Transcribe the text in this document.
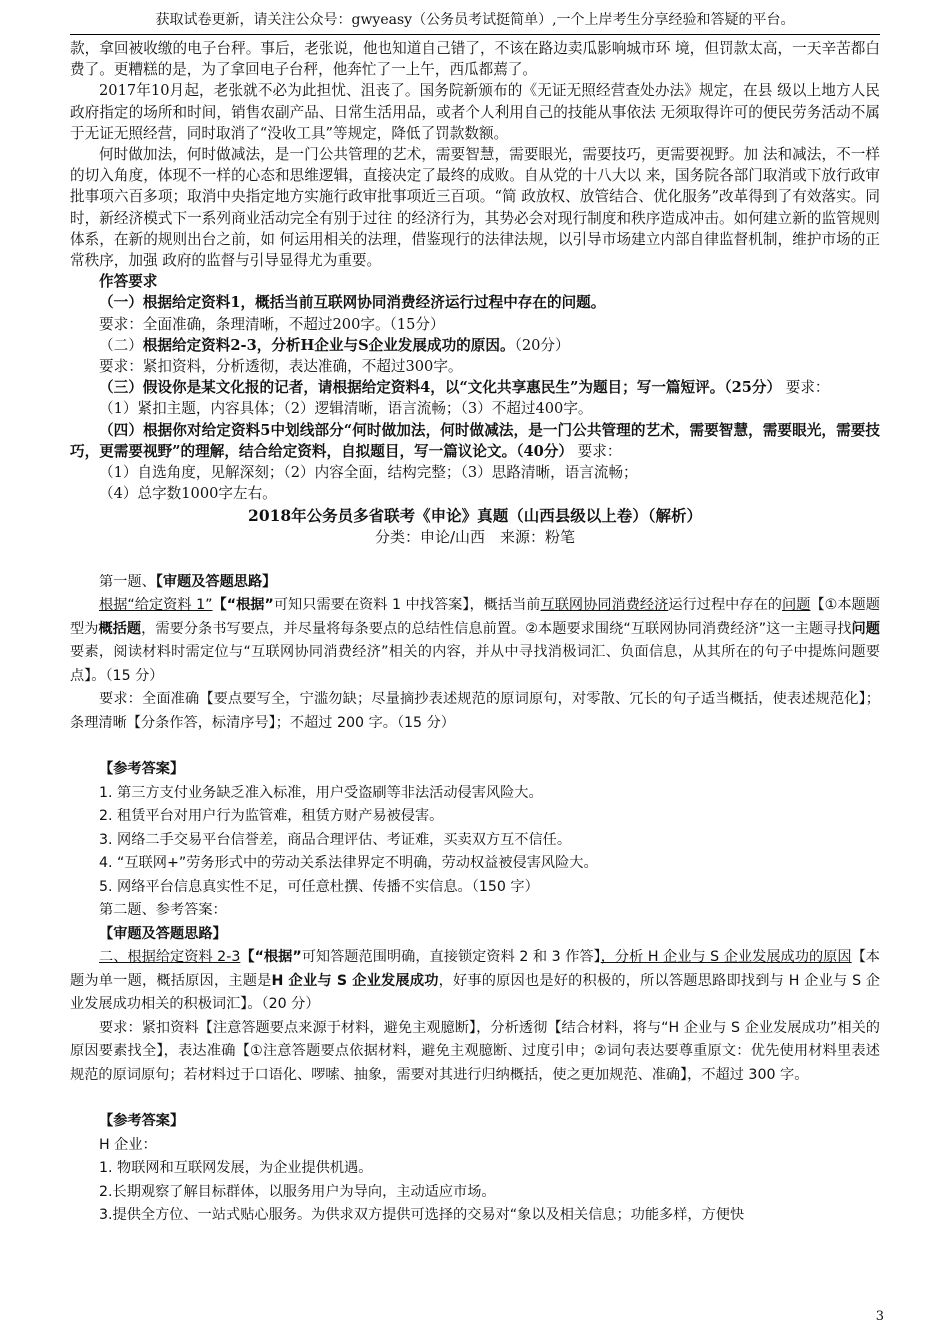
获取试卷更新，请关注公众号：gwyeasy（公务员考试挺简单）,一个上岸考生分享经验和答疑的平台。

款，拿回被收缴的电子台秤。事后，老张说，他也知道自己错了，不该在路边卖瓜影响城市环 境，但罚款太高，一天辛苦都白费了。更糟糕的是，为了拿回电子台秤，他奔忙了一上午，西瓜都蔫了。

2017年10月起，老张就不必为此担忧、沮丧了。国务院新颁布的《无证无照经营查处办法》规定，在县 级以上地方人民政府指定的场所和时间，销售农副产品、日常生活用品，或者个人利用自己的技能从事依法 无须取得许可的便民劳务活动不属于无证无照经营，同时取消了“没收工具”等规定，降低了罚款数额。

何时做加法，何时做减法，是一门公共管理的艺术，需要智慧，需要眼光，需要技巧，更需要视野。加 法和减法，不一样的切入角度，体现不一样的心态和思维逻辑，直接决定了最终的成败。自从党的十八大以 来，国务院各部门取消或下放行政审批事项六百多项；取消中央指定地方实施行政审批事项近三百项。“简 政放权、放管结合、优化服务”改革得到了有效落实。同时，新经济模式下一系列商业活动完全有别于过往 的经济行为，其势必会对现行制度和秩序造成冲击。如何建立新的监管规则体系，在新的规则出台之前，如 何运用相关的法理，借鉴现行的法律法规，以引导市场建立内部自律监督机制，维护市场的正常秩序，加强 政府的监督与引导显得尤为重要。

作答要求

（一）根据给定资料1，概括当前互联网协同消费经济运行过程中存在的问题。

要求：全面准确，条理清晰，不超过200字。（15分）

（二）根据给定资料2-3，分析H企业与S企业发展成功的原因。（20分）

要求：紧扣资料，分析透彻，表达准确，不超过300字。

（三）假设你是某文化报的记者，请根据给定资料4，以“文化共享惠民生”为题目；写一篇短评。（25分） 要求：

（1）紧扣主题，内容具体；（2）逻辑清晰，语言流畅；（3）不超过400字。

（四）根据你对给定资料5中划线部分“何时做加法，何时做减法，是一门公共管理的艺术，需要智慧，需要眼光，需要技巧，更需要视野”的理解，结合给定资料，自拟题目，写一篇议论文。（40分） 要求：

（1）自选角度，见解深刻；（2）内容全面，结构完整；（3）思路清晰，语言流畅；

（4）总字数1000字左右。

2018年公务员多省联考《申论》真题（山西县级以上卷）（解析）

分类：申论/山西　来源：粉笔

第一题、【审题及答题思路】

根据“给定资料 1”【“根据”可知只需要在资料 1 中找答案】，概括当前互联网协同消费经济运行过程中存在的问题【①本题题型为概括题，需要分条书写要点，并尽量将每条要点的总结性信息前置。②本题要求围绕“互联网协同消费经济”这一主题寻找问题要素，阅读材料时需定位与“互联网协同消费经济”相关的内容，并从中寻找消极词汇、负面信息，从其所在的句子中提炼问题要点】。（15 分）

要求：全面准确【要点要写全，宁滥勿缺；尽量摘抄表述规范的原词原句，对零散、冗长的句子适当概括，使表述规范化】；条理清晰【分条作答，标清序号】；不超过 200 字。（15 分）

【参考答案】

1. 第三方支付业务缺乏准入标准，用户受盗刷等非法活动侵害风险大。

2. 租赁平台对用户行为监管难，租赁方财产易被侵害。

3. 网络二手交易平台信誉差，商品合理评估、考证难，买卖双方互不信任。

4. “互联网+”劳务形式中的劳动关系法律界定不明确，劳动权益被侵害风险大。

5. 网络平台信息真实性不足，可任意杜撰、传播不实信息。（150 字）

第二题、参考答案：

【审题及答题思路】

二、根据给定资料 2-3【“根据”可知答题范围明确，直接锁定资料 2 和 3 作答】，分析 H 企业与 S 企业发展成功的原因【本题为单一题，概括原因，主题是H 企业与 S 企业发展成功，好事的原因也是好的积极的，所以答题思路即找到与 H 企业与 S 企业发展成功相关的积极词汇】。（20 分）

要求：紧扣资料【注意答题要点来源于材料，避免主观臆断】，分析透彻【结合材料，将与“H 企业与 S 企业发展成功”相关的原因要素找全】，表达准确【①注意答题要点依据材料，避免主观臆断、过度引申；②词句表达要尊重原文：优先使用材料里表述规范的原词原句；若材料过于口语化、啰嗦、抽象，需要对其进行归纳概括，使之更加规范、准确】，不超过 300 字。

【参考答案】

H 企业：

1. 物联网和互联网发展，为企业提供机遇。

2.长期观察了解目标群体，以服务用户为导向，主动适应市场。

3.提供全方位、一站式贴心服务。为供求双方提供可选择的交易对“象以及相关信息；功能多样，方便快

3
